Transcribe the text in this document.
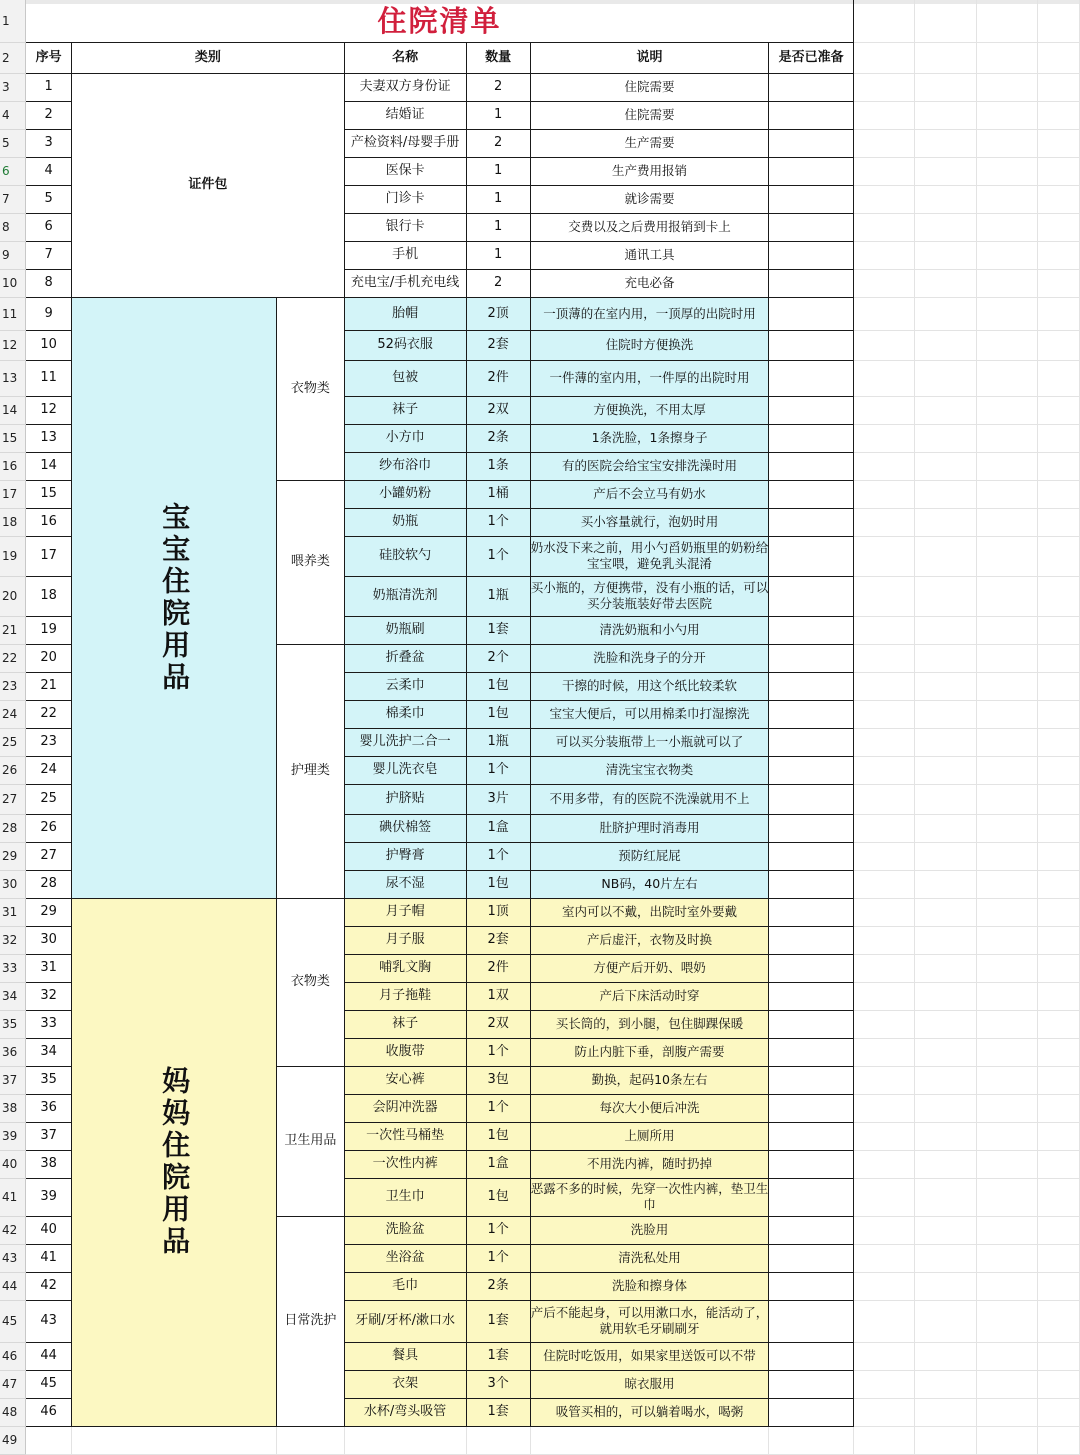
1	住院清单										
2	序号	类别		名称	数量	说明	是否已准备				
3	1	证件包		夫妻双方身份证	2	住院需要					
4	2			结婚证	1	住院需要					
5	3			产检资料/母婴手册	2	生产需要					
6	4			医保卡	1	生产费用报销					
7	5			门诊卡	1	就诊需要					
8	6			银行卡	1	交费以及之后费用报销到卡上					
9	7			手机	1	通讯工具					
10	8			充电宝/手机充电线	2	充电必备					
11	9	宝宝住院用品	衣物类	胎帽	2顶	一顶薄的在室内用，一顶厚的出院时用					
12	10			52码衣服	2套	住院时方便换洗					
13	11			包被	2件	一件薄的室内用，一件厚的出院时用					
14	12			袜子	2双	方便换洗，不用太厚					
15	13			小方巾	2条	1条洗脸，1条擦身子					
16	14			纱布浴巾	1条	有的医院会给宝宝安排洗澡时用					
17	15		喂养类	小罐奶粉	1桶	产后不会立马有奶水					
18	16			奶瓶	1个	买小容量就行，泡奶时用					
19	17			硅胶软勺	1个	奶水没下来之前，用小勺舀奶瓶里的奶粉给宝宝喂，避免乳头混淆					
20	18			奶瓶清洗剂	1瓶	买小瓶的，方便携带，没有小瓶的话，可以买分装瓶装好带去医院					
21	19			奶瓶刷	1套	清洗奶瓶和小勺用					
22	20		护理类	折叠盆	2个	洗脸和洗身子的分开					
23	21			云柔巾	1包	干擦的时候，用这个纸比较柔软					
24	22			棉柔巾	1包	宝宝大便后，可以用棉柔巾打湿擦洗					
25	23			婴儿洗护二合一	1瓶	可以买分装瓶带上一小瓶就可以了					
26	24			婴儿洗衣皂	1个	清洗宝宝衣物类					
27	25			护脐贴	3片	不用多带，有的医院不洗澡就用不上					
28	26			碘伏棉签	1盒	肚脐护理时消毒用					
29	27			护臀膏	1个	预防红屁屁					
30	28			尿不湿	1包	NB码，40片左右					
31	29	妈妈住院用品	衣物类	月子帽	1顶	室内可以不戴，出院时室外要戴					
32	30			月子服	2套	产后虚汗，衣物及时换					
33	31			哺乳文胸	2件	方便产后开奶、喂奶					
34	32			月子拖鞋	1双	产后下床活动时穿					
35	33			袜子	2双	买长筒的，到小腿，包住脚踝保暖					
36	34			收腹带	1个	防止内脏下垂，剖腹产需要					
37	35		卫生用品	安心裤	3包	勤换，起码10条左右					
38	36			会阴冲洗器	1个	每次大小便后冲洗					
39	37			一次性马桶垫	1包	上厕所用					
40	38			一次性内裤	1盒	不用洗内裤，随时扔掉					
41	39			卫生巾	1包	恶露不多的时候，先穿一次性内裤，垫卫生巾					
42	40		日常洗护	洗脸盆	1个	洗脸用					
43	41			坐浴盆	1个	清洗私处用					
44	42			毛巾	2条	洗脸和擦身体					
45	43			牙刷/牙杯/漱口水	1套	产后不能起身，可以用漱口水，能活动了，就用软毛牙刷刷牙					
46	44			餐具	1套	住院时吃饭用，如果家里送饭可以不带					
47	45			衣架	3个	晾衣服用					
48	46			水杯/弯头吸管	1套	吸管买相的，可以躺着喝水，喝粥					
49											
